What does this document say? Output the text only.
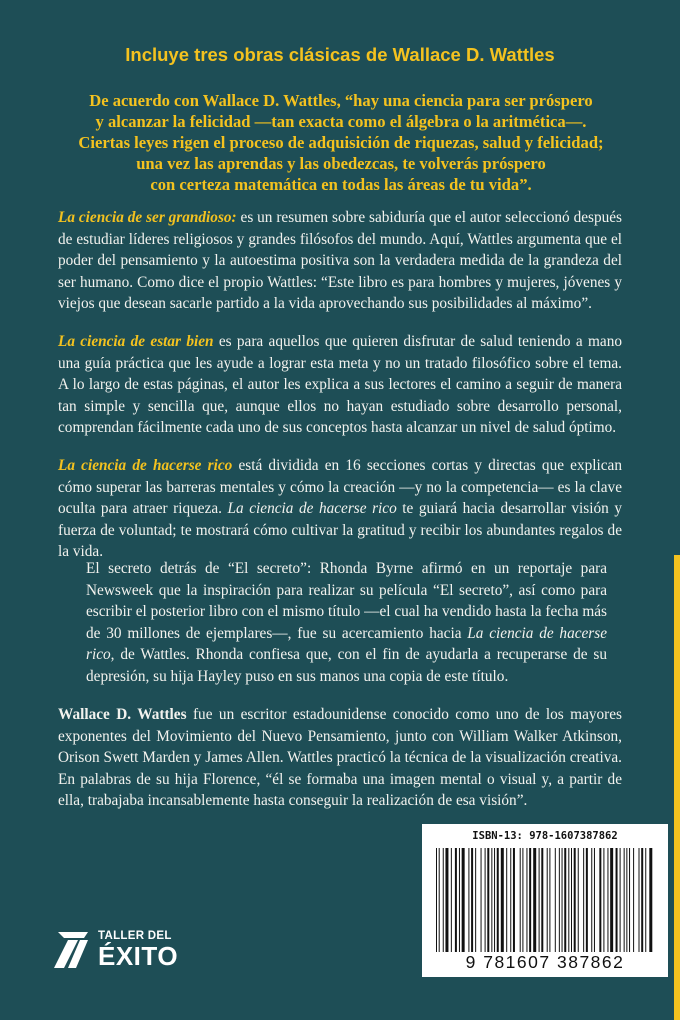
Incluye tres obras clásicas de Wallace D. Wattles

De acuerdo con Wallace D. Wattles, “hay una ciencia para ser próspero
y alcanzar la felicidad —tan exacta como el álgebra o la aritmética—.
Ciertas leyes rigen el proceso de adquisición de riquezas, salud y felicidad;
una vez las aprendas y las obedezcas, te volverás próspero
con certeza matemática en todas las áreas de tu vida”.

La ciencia de ser grandioso: es un resumen sobre sabiduría que el autor seleccionó después de estudiar líderes religiosos y grandes filósofos del mundo. Aquí, Wattles argumenta que el poder del pensamiento y la autoestima positiva son la verdadera medida de la grandeza del ser humano. Como dice el propio Wattles: “Este libro es para hombres y mujeres, jóvenes y viejos que desean sacarle partido a la vida aprovechando sus posibilidades al máximo”.

La ciencia de estar bien es para aquellos que quieren disfrutar de salud teniendo a mano una guía práctica que les ayude a lograr esta meta y no un tratado filosófico sobre el tema. A lo largo de estas páginas, el autor les explica a sus lectores el camino a seguir de manera tan simple y sencilla que, aunque ellos no hayan estudiado sobre desarrollo personal, comprendan fácilmente cada uno de sus conceptos hasta alcanzar un nivel de salud óptimo.

La ciencia de hacerse rico está dividida en 16 secciones cortas y directas que explican cómo superar las barreras mentales y cómo la creación —y no la competencia— es la clave oculta para atraer riqueza. La ciencia de hacerse rico te guiará hacia desarrollar visión y fuerza de voluntad; te mostrará cómo cultivar la gratitud y recibir los abundantes regalos de la vida.

El secreto detrás de “El secreto”: Rhonda Byrne afirmó en un reportaje para Newsweek que la inspiración para realizar su película “El secreto”, así como para escribir el posterior libro con el mismo título —el cual ha vendido hasta la fecha más de 30 millones de ejemplares—, fue su acercamiento hacia La ciencia de hacerse rico, de Wattles. Rhonda confiesa que, con el fin de ayudarla a recuperarse de su depresión, su hija Hayley puso en sus manos una copia de este título.

Wallace D. Wattles fue un escritor estadounidense conocido como uno de los mayores exponentes del Movimiento del Nuevo Pensamiento, junto con William Walker Atkinson, Orison Swett Marden y James Allen. Wattles practicó la técnica de la visualización creativa. En palabras de su hija Florence, “él se formaba una imagen mental o visual y, a partir de ella, trabajaba incansablemente hasta conseguir la realización de esa visión”.

TALLER DEL
ÉXITO
ISBN-13: 978-1607387862
9 781607 387862
